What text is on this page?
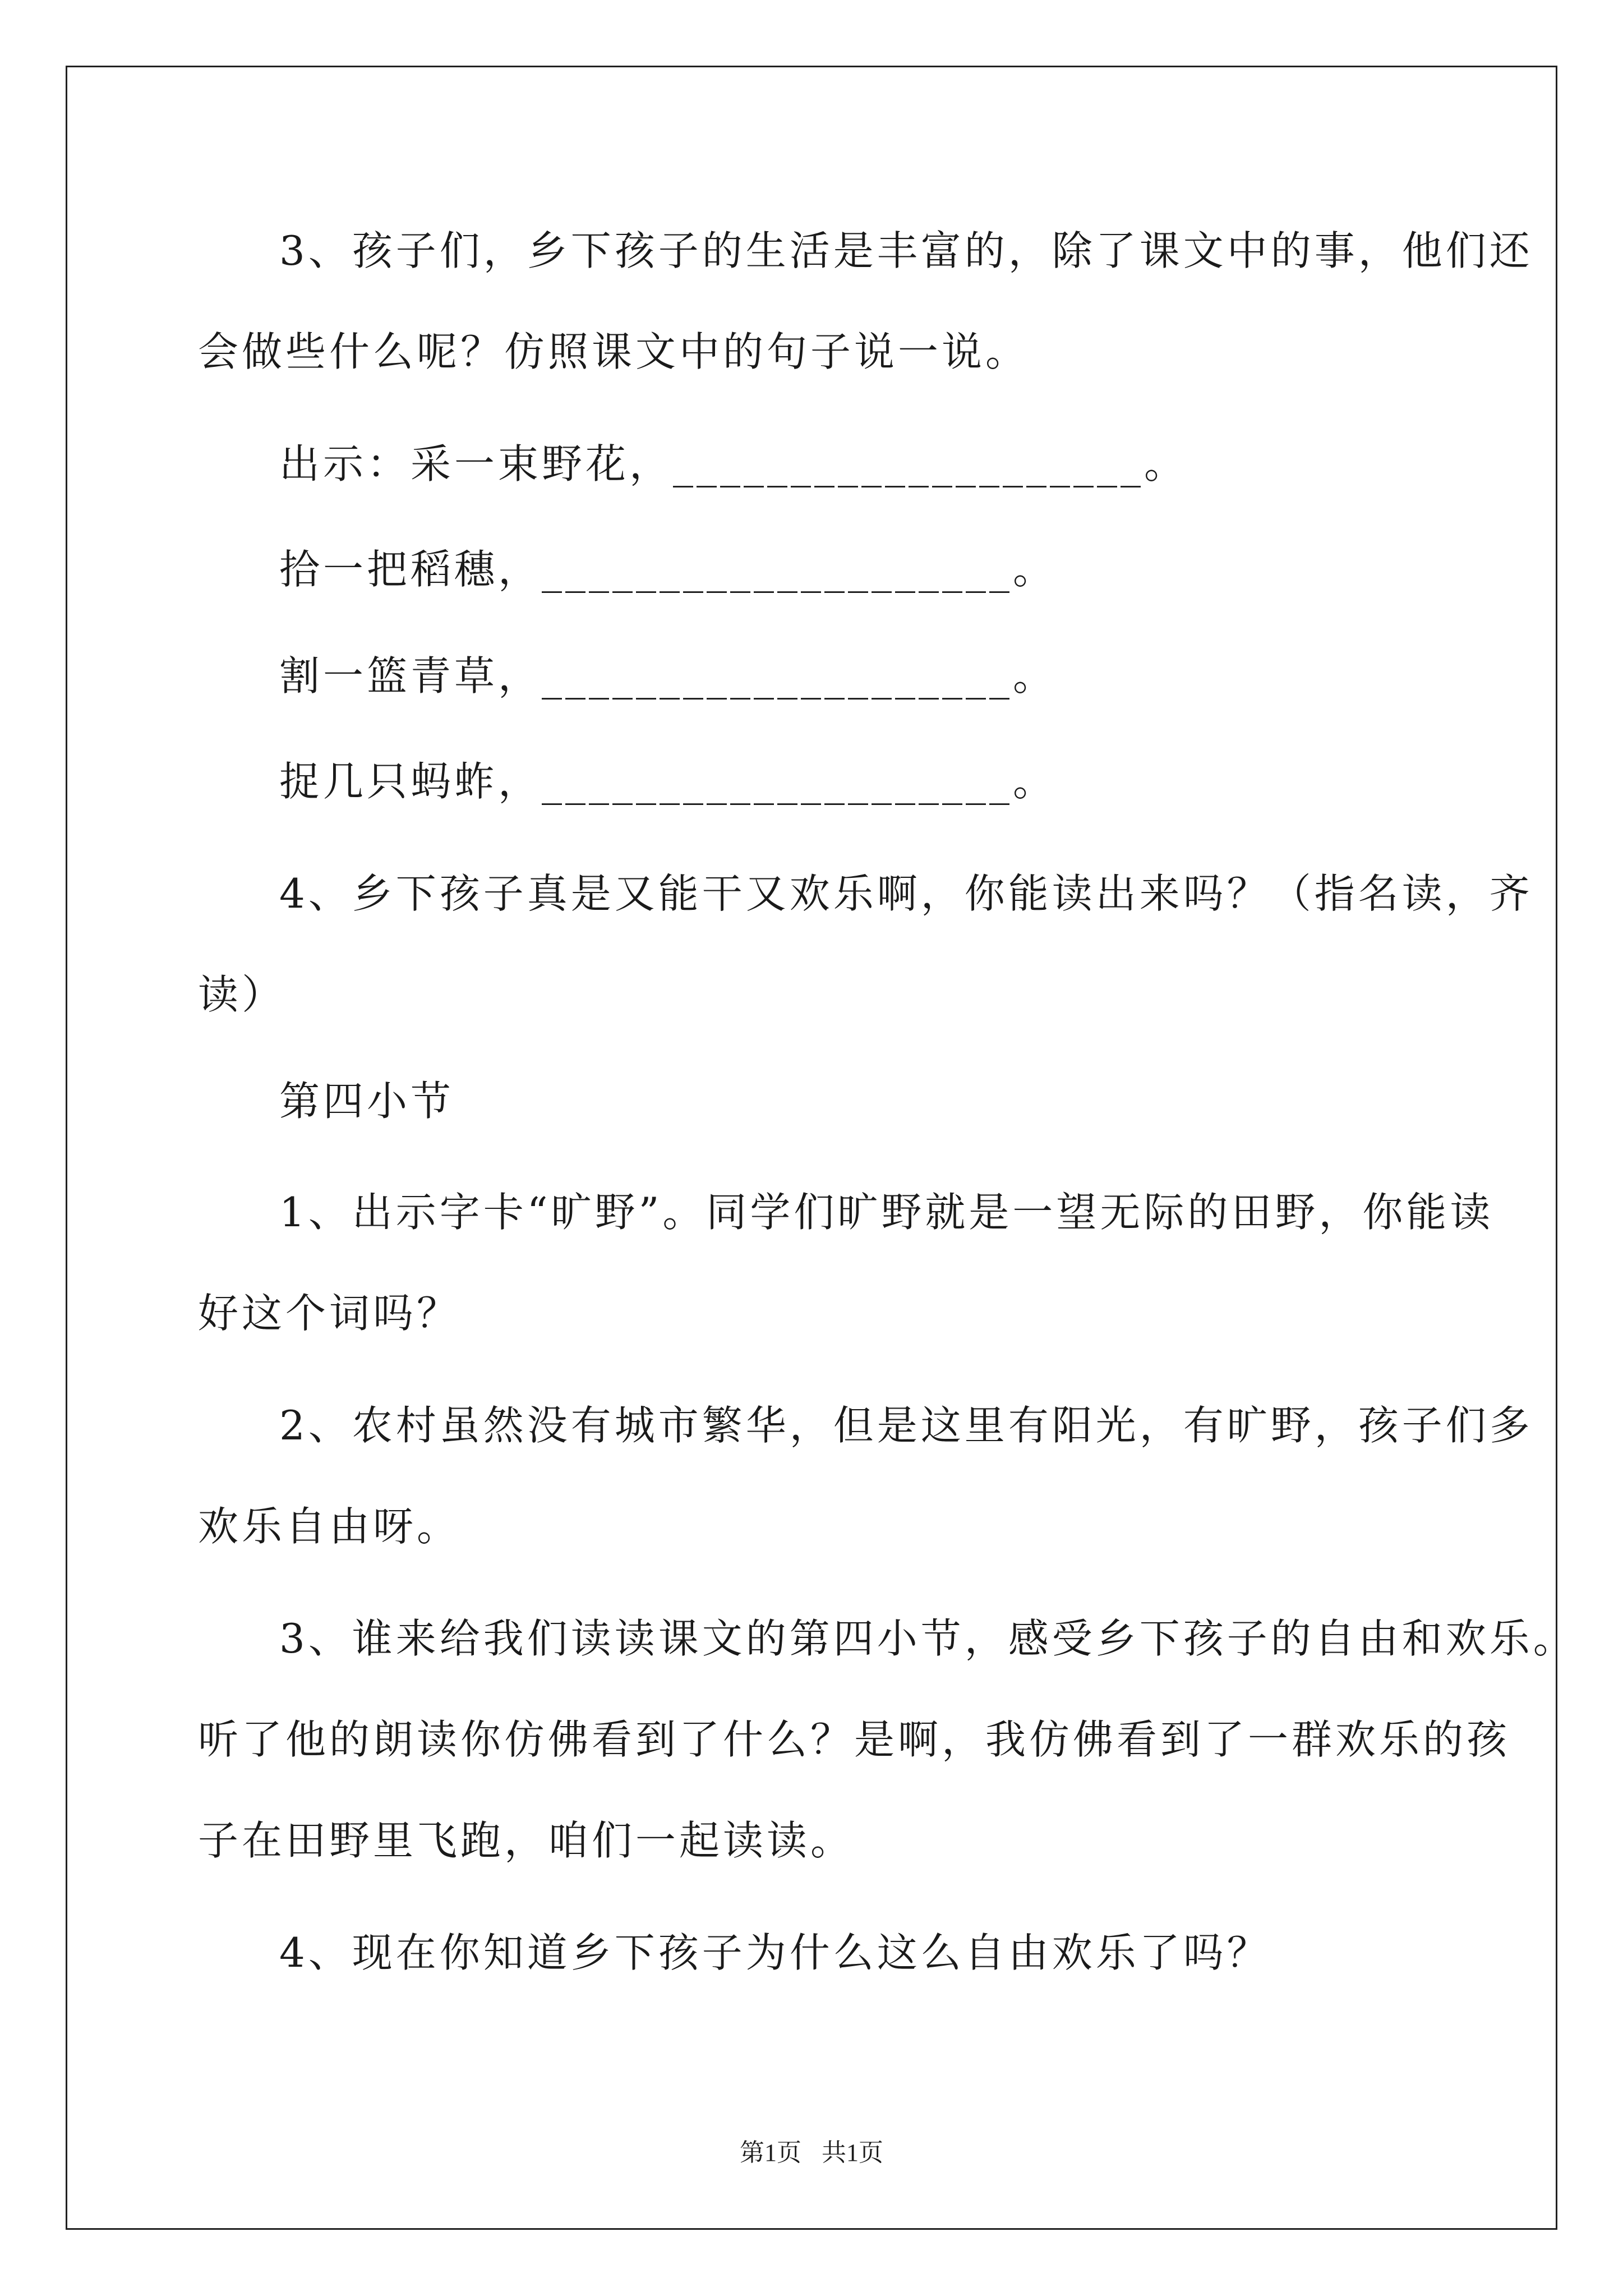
3、孩子们，乡下孩子的生活是丰富的，除了课文中的事，他们还
会做些什么呢？仿照课文中的句子说一说。
出示：采一束野花，____________________。
拾一把稻穗，____________________。
割一篮青草，____________________。
捉几只蚂蚱，____________________。
4、乡下孩子真是又能干又欢乐啊，你能读出来吗？（指名读，齐
读）
第四小节
1、出示字卡“旷野”。同学们旷野就是一望无际的田野，你能读
好这个词吗？
2、农村虽然没有城市繁华，但是这里有阳光，有旷野，孩子们多
欢乐自由呀。
3、谁来给我们读读课文的第四小节，感受乡下孩子的自由和欢乐。
听了他的朗读你仿佛看到了什么？是啊，我仿佛看到了一群欢乐的孩
子在田野里飞跑，咱们一起读读。
4、现在你知道乡下孩子为什么这么自由欢乐了吗？
第1页 共1页
